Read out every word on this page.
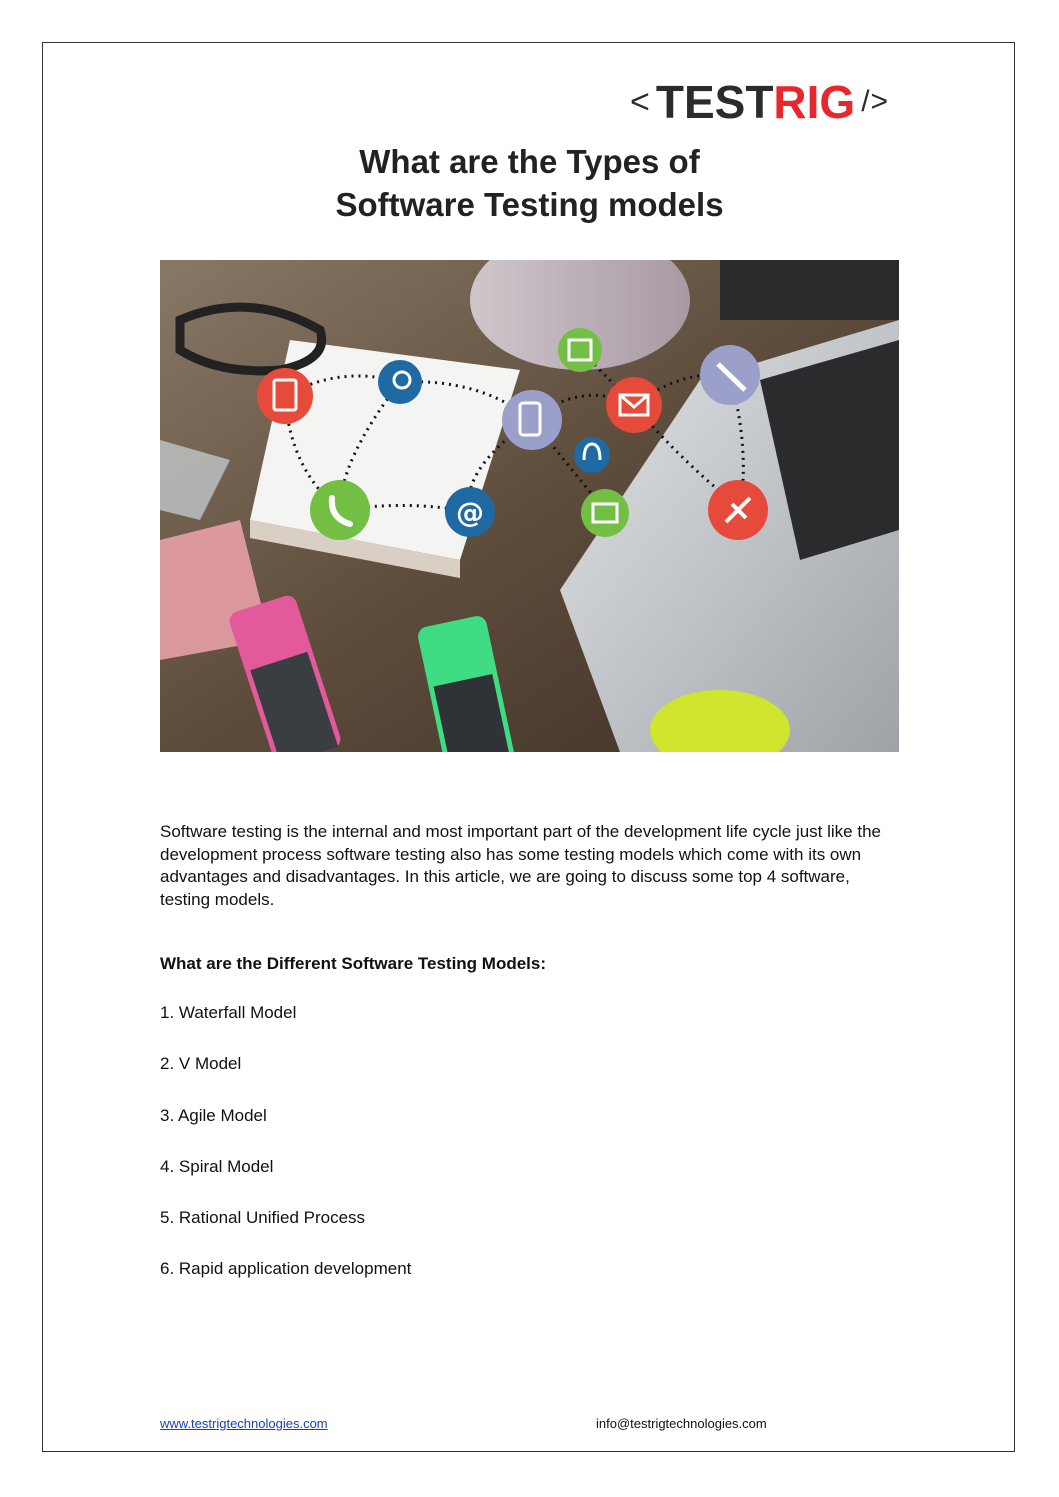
< TEST RIG />
What are the Types of
Software Testing models
@

Software testing is the internal and most important part of the development life cycle just like the development process software testing also has some testing models which come with its own advantages and disadvantages. In this article, we are going to discuss some top 4 software, testing models.

What are the Different Software Testing Models:

1. Waterfall Model
2. V Model
3. Agile Model
4. Spiral Model
5. Rational Unified Process
6. Rapid application development
www.testrigtechnologies.com	info@testrigtechnologies.com
